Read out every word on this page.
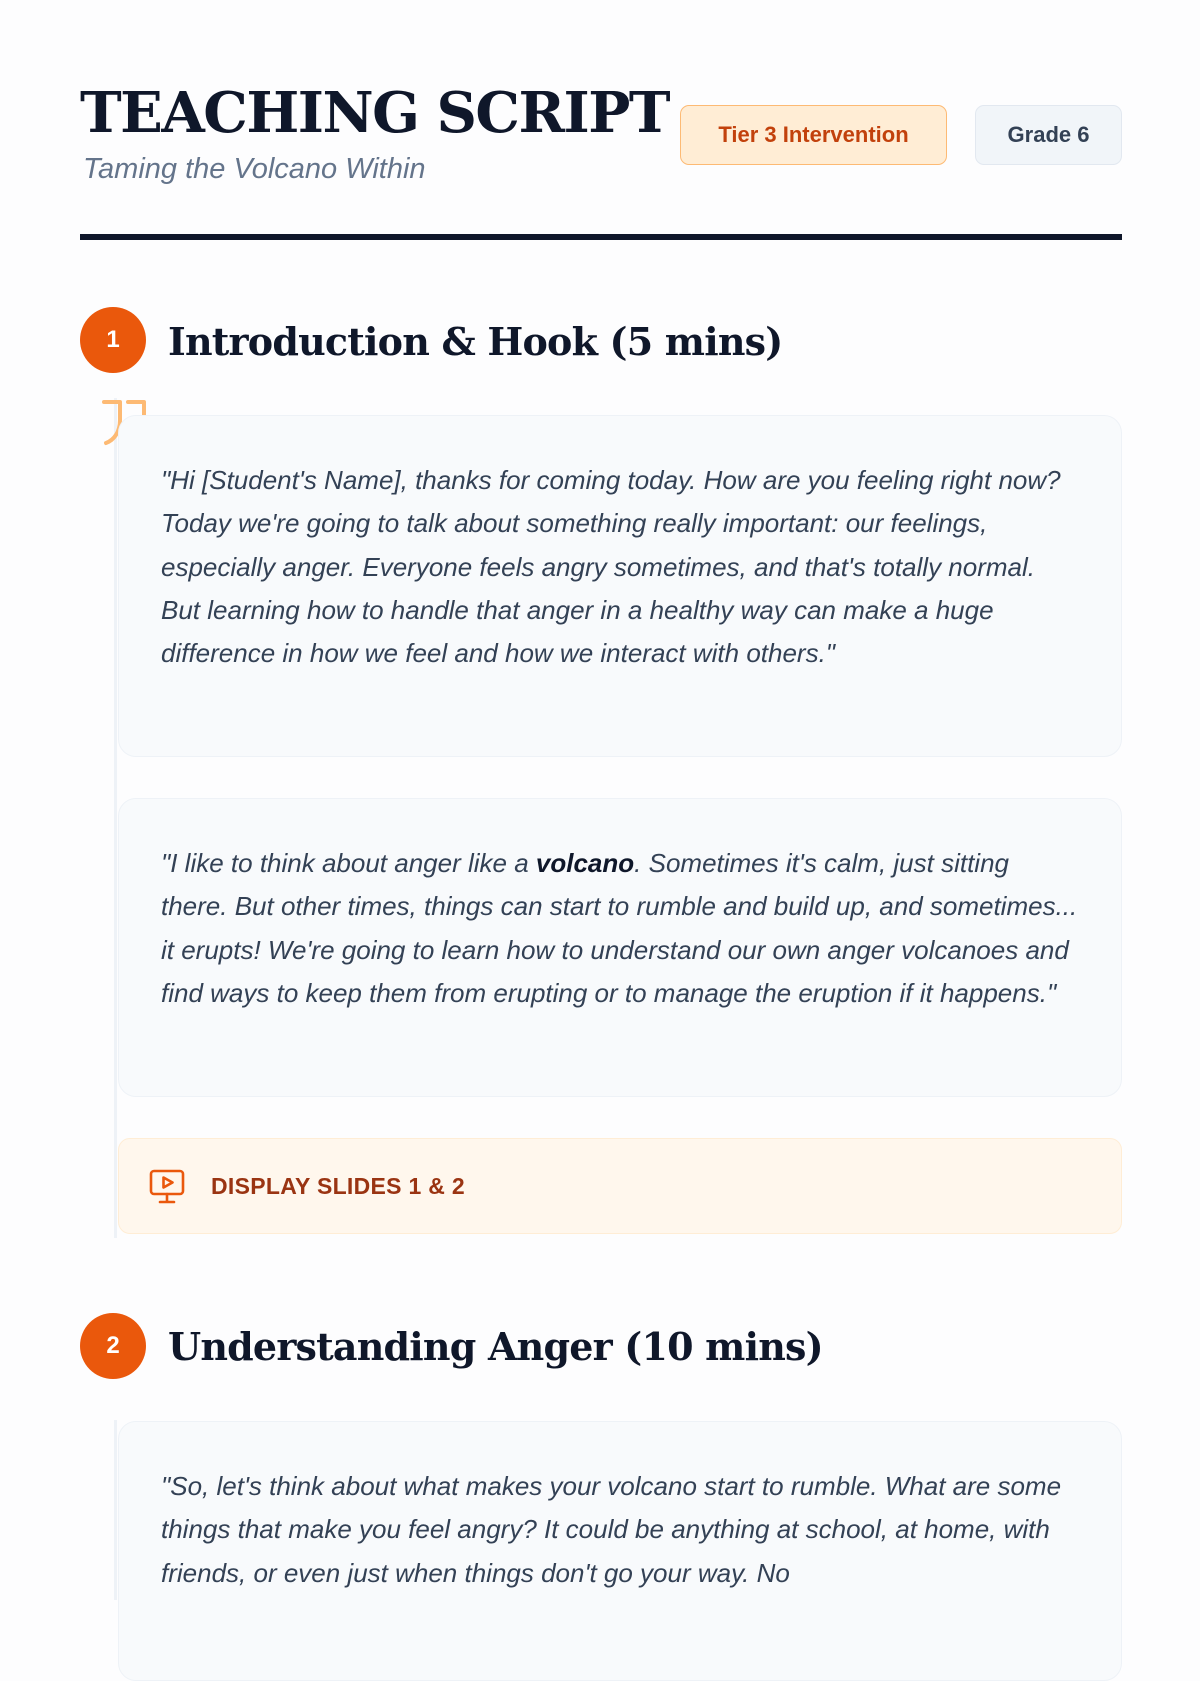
TEACHING SCRIPT

Taming the Volcano Within

Tier 3 Intervention	Grade 6
1	Introduction & Hook (5 mins)

"Hi [Student's Name], thanks for coming today. How are you feeling right now? Today we're going to talk about something really important: our feelings, especially anger. Everyone feels angry sometimes, and that's totally normal. But learning how to handle that anger in a healthy way can make a huge difference in how we feel and how we interact with others."

"I like to think about anger like a volcano. Sometimes it's calm, just sitting there. But other times, things can start to rumble and build up, and sometimes... it erupts! We're going to learn how to understand our own anger volcanoes and find ways to keep them from erupting or to manage the eruption if it happens."

DISPLAY SLIDES 1 & 2
2	Understanding Anger (10 mins)

"So, let's think about what makes your volcano start to rumble. What are some things that make you feel angry? It could be anything at school, at home, with friends, or even just when things don't go your way. No
